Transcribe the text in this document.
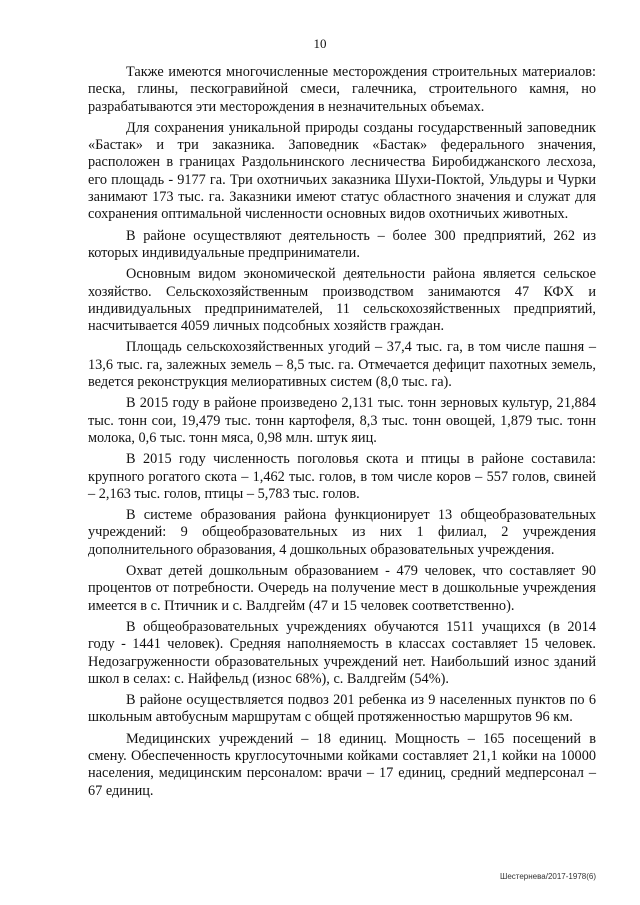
10

Также имеются многочисленные месторождения строительных материалов: песка, глины, пескогравийной смеси, галечника, строительного камня, но разрабатываются эти месторождения в незначительных объемах.

Для сохранения уникальной природы созданы государственный заповедник «Бастак» и три заказника. Заповедник «Бастак» федерального значения, расположен в границах Раздольнинского лесничества Биробиджанского лесхоза, его площадь - 9177 га. Три охотничьих заказника Шухи-Поктой, Ульдуры и Чурки занимают 173 тыс. га. Заказники имеют статус областного значения и служат для сохранения оптимальной численности основных видов охотничьих животных.

В районе осуществляют деятельность – более 300 предприятий, 262 из которых индивидуальные предприниматели.

Основным видом экономической деятельности района является сельское хозяйство. Сельскохозяйственным производством занимаются 47 КФХ и индивидуальных предпринимателей, 11 сельскохозяйственных предприятий, насчитывается 4059 личных подсобных хозяйств граждан.

Площадь сельскохозяйственных угодий – 37,4 тыс. га, в том числе пашня – 13,6 тыс. га, залежных земель – 8,5 тыс. га. Отмечается дефицит пахотных земель, ведется реконструкция мелиоративных систем (8,0 тыс. га).

В 2015 году в районе произведено 2,131 тыс. тонн зерновых культур, 21,884 тыс. тонн сои, 19,479 тыс. тонн картофеля, 8,3 тыс. тонн овощей, 1,879 тыс. тонн молока, 0,6 тыс. тонн мяса, 0,98 млн. штук яиц.

В 2015 году численность поголовья скота и птицы в районе составила: крупного рогатого скота – 1,462 тыс. голов, в том числе коров – 557 голов, свиней – 2,163 тыс. голов, птицы – 5,783 тыс. голов.

В системе образования района функционирует 13 общеобразовательных учреждений: 9 общеобразовательных из них 1 филиал, 2 учреждения дополнительного образования, 4 дошкольных образовательных учреждения.

Охват детей дошкольным образованием - 479 человек, что составляет 90 процентов от потребности. Очередь на получение мест в дошкольные учреждения имеется в с. Птичник и с. Валдгейм (47 и 15 человек соответственно).

В общеобразовательных учреждениях обучаются 1511 учащихся (в 2014 году - 1441 человек). Средняя наполняемость в классах составляет 15 человек. Недозагруженности образовательных учреждений нет. Наибольший износ зданий школ в селах: с. Найфельд (износ 68%), с. Валдгейм (54%).

В районе осуществляется подвоз 201 ребенка из 9 населенных пунктов по 6 школьным автобусным маршрутам с общей протяженностью маршрутов 96 км.

Медицинских учреждений – 18 единиц. Мощность – 165 посещений в смену. Обеспеченность круглосуточными койками составляет 21,1 койки на 10000 населения, медицинским персоналом: врачи – 17 единиц, средний медперсонал – 67 единиц.

Шестернева/2017-1978(6)
